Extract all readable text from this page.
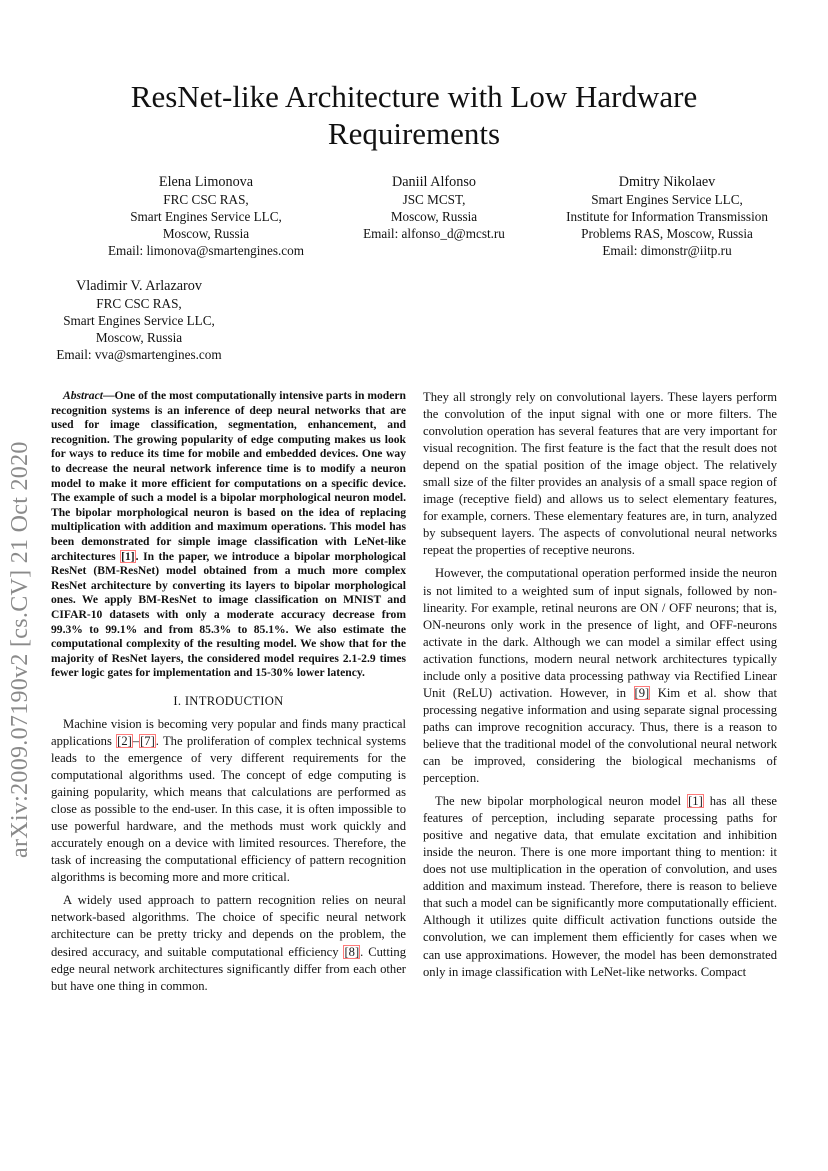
ResNet-like Architecture with Low Hardware Requirements
Elena Limonova
FRC CSC RAS,
Smart Engines Service LLC,
Moscow, Russia
Email: limonova@smartengines.com
Daniil Alfonso
JSC MCST,
Moscow, Russia
Email: alfonso_d@mcst.ru
Dmitry Nikolaev
Smart Engines Service LLC,
Institute for Information Transmission
Problems RAS, Moscow, Russia
Email: dimonstr@iitp.ru
Vladimir V. Arlazarov
FRC CSC RAS,
Smart Engines Service LLC,
Moscow, Russia
Email: vva@smartengines.com
arXiv:2009.07190v2 [cs.CV] 21 Oct 2020

Abstract—One of the most computationally intensive parts in modern recognition systems is an inference of deep neural networks that are used for image classification, segmentation, enhancement, and recognition. The growing popularity of edge computing makes us look for ways to reduce its time for mobile and embedded devices. One way to decrease the neural network inference time is to modify a neuron model to make it more efficient for computations on a specific device. The example of such a model is a bipolar morphological neuron model. The bipolar morphological neuron is based on the idea of replacing multiplication with addition and maximum operations. This model has been demonstrated for simple image classification with LeNet-like architectures [1]. In the paper, we introduce a bipolar morphological ResNet (BM-ResNet) model obtained from a much more complex ResNet architecture by converting its layers to bipolar morphological ones. We apply BM-ResNet to image classification on MNIST and CIFAR-10 datasets with only a moderate accuracy decrease from 99.3% to 99.1% and from 85.3% to 85.1%. We also estimate the computational complexity of the resulting model. We show that for the majority of ResNet layers, the considered model requires 2.1-2.9 times fewer logic gates for implementation and 15-30% lower latency.

I. INTRODUCTION

Machine vision is becoming very popular and finds many practical applications [2]–[7]. The proliferation of complex technical systems leads to the emergence of very different requirements for the computational algorithms used. The concept of edge computing is gaining popularity, which means that calculations are performed as close as possible to the end-user. In this case, it is often impossible to use powerful hardware, and the methods must work quickly and accurately enough on a device with limited resources. Therefore, the task of increasing the computational efficiency of pattern recognition algorithms is becoming more and more critical.

A widely used approach to pattern recognition relies on neural network-based algorithms. The choice of specific neural network architecture can be pretty tricky and depends on the problem, the desired accuracy, and suitable computational efficiency [8]. Cutting edge neural network architectures significantly differ from each other but have one thing in common.

They all strongly rely on convolutional layers. These layers perform the convolution of the input signal with one or more filters. The convolution operation has several features that are very important for visual recognition. The first feature is the fact that the result does not depend on the spatial position of the image object. The relatively small size of the filter provides an analysis of a small space region of image (receptive field) and allows us to select elementary features, for example, corners. These elementary features are, in turn, analyzed by subsequent layers. The aspects of convolutional neural networks repeat the properties of receptive neurons.

However, the computational operation performed inside the neuron is not limited to a weighted sum of input signals, followed by non-linearity. For example, retinal neurons are ON / OFF neurons; that is, ON-neurons only work in the presence of light, and OFF-neurons activate in the dark. Although we can model a similar effect using activation functions, modern neural network architectures typically include only a positive data processing pathway via Rectified Linear Unit (ReLU) activation. However, in [9] Kim et al. show that processing negative information and using separate signal processing paths can improve recognition accuracy. Thus, there is a reason to believe that the traditional model of the convolutional neural network can be improved, considering the biological mechanisms of perception.

The new bipolar morphological neuron model [1] has all these features of perception, including separate processing paths for positive and negative data, that emulate excitation and inhibition inside the neuron. There is one more important thing to mention: it does not use multiplication in the operation of convolution, and uses addition and maximum instead. Therefore, there is reason to believe that such a model can be significantly more computationally efficient. Although it utilizes quite difficult activation functions outside the convolution, we can implement them efficiently for cases when we can use approximations. However, the model has been demonstrated only in image classification with LeNet-like networks. Compact
